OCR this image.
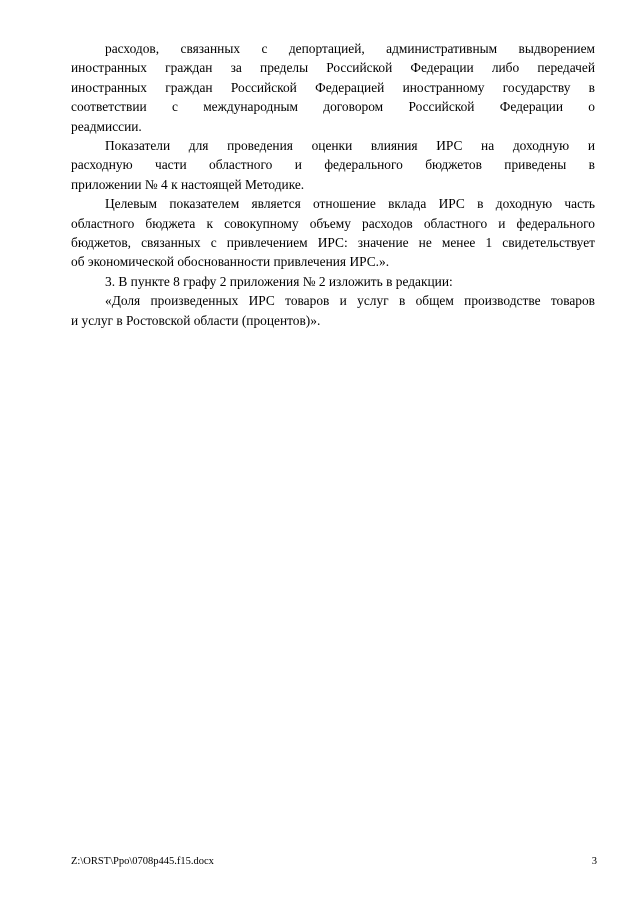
расходов, связанных с депортацией, административным выдворением
иностранных граждан за пределы Российской Федерации либо передачей
иностранных граждан Российской Федерацией иностранному государству в
соответствии с международным договором Российской Федерации о
реадмиссии.
Показатели для проведения оценки влияния ИРС на доходную и
расходную части областного и федерального бюджетов приведены в
приложении № 4 к настоящей Методике.
Целевым показателем является отношение вклада ИРС в доходную часть
областного бюджета к совокупному объему расходов областного и федерального
бюджетов, связанных с привлечением ИРС: значение не менее 1 свидетельствует
об экономической обоснованности привлечения ИРС.».
3. В пункте 8 графу 2 приложения № 2 изложить в редакции:
«Доля произведенных ИРС товаров и услуг в общем производстве товаров
и услуг в Ростовской области (процентов)».
Z:\ORST\Ppo\0708p445.f15.docx	3
